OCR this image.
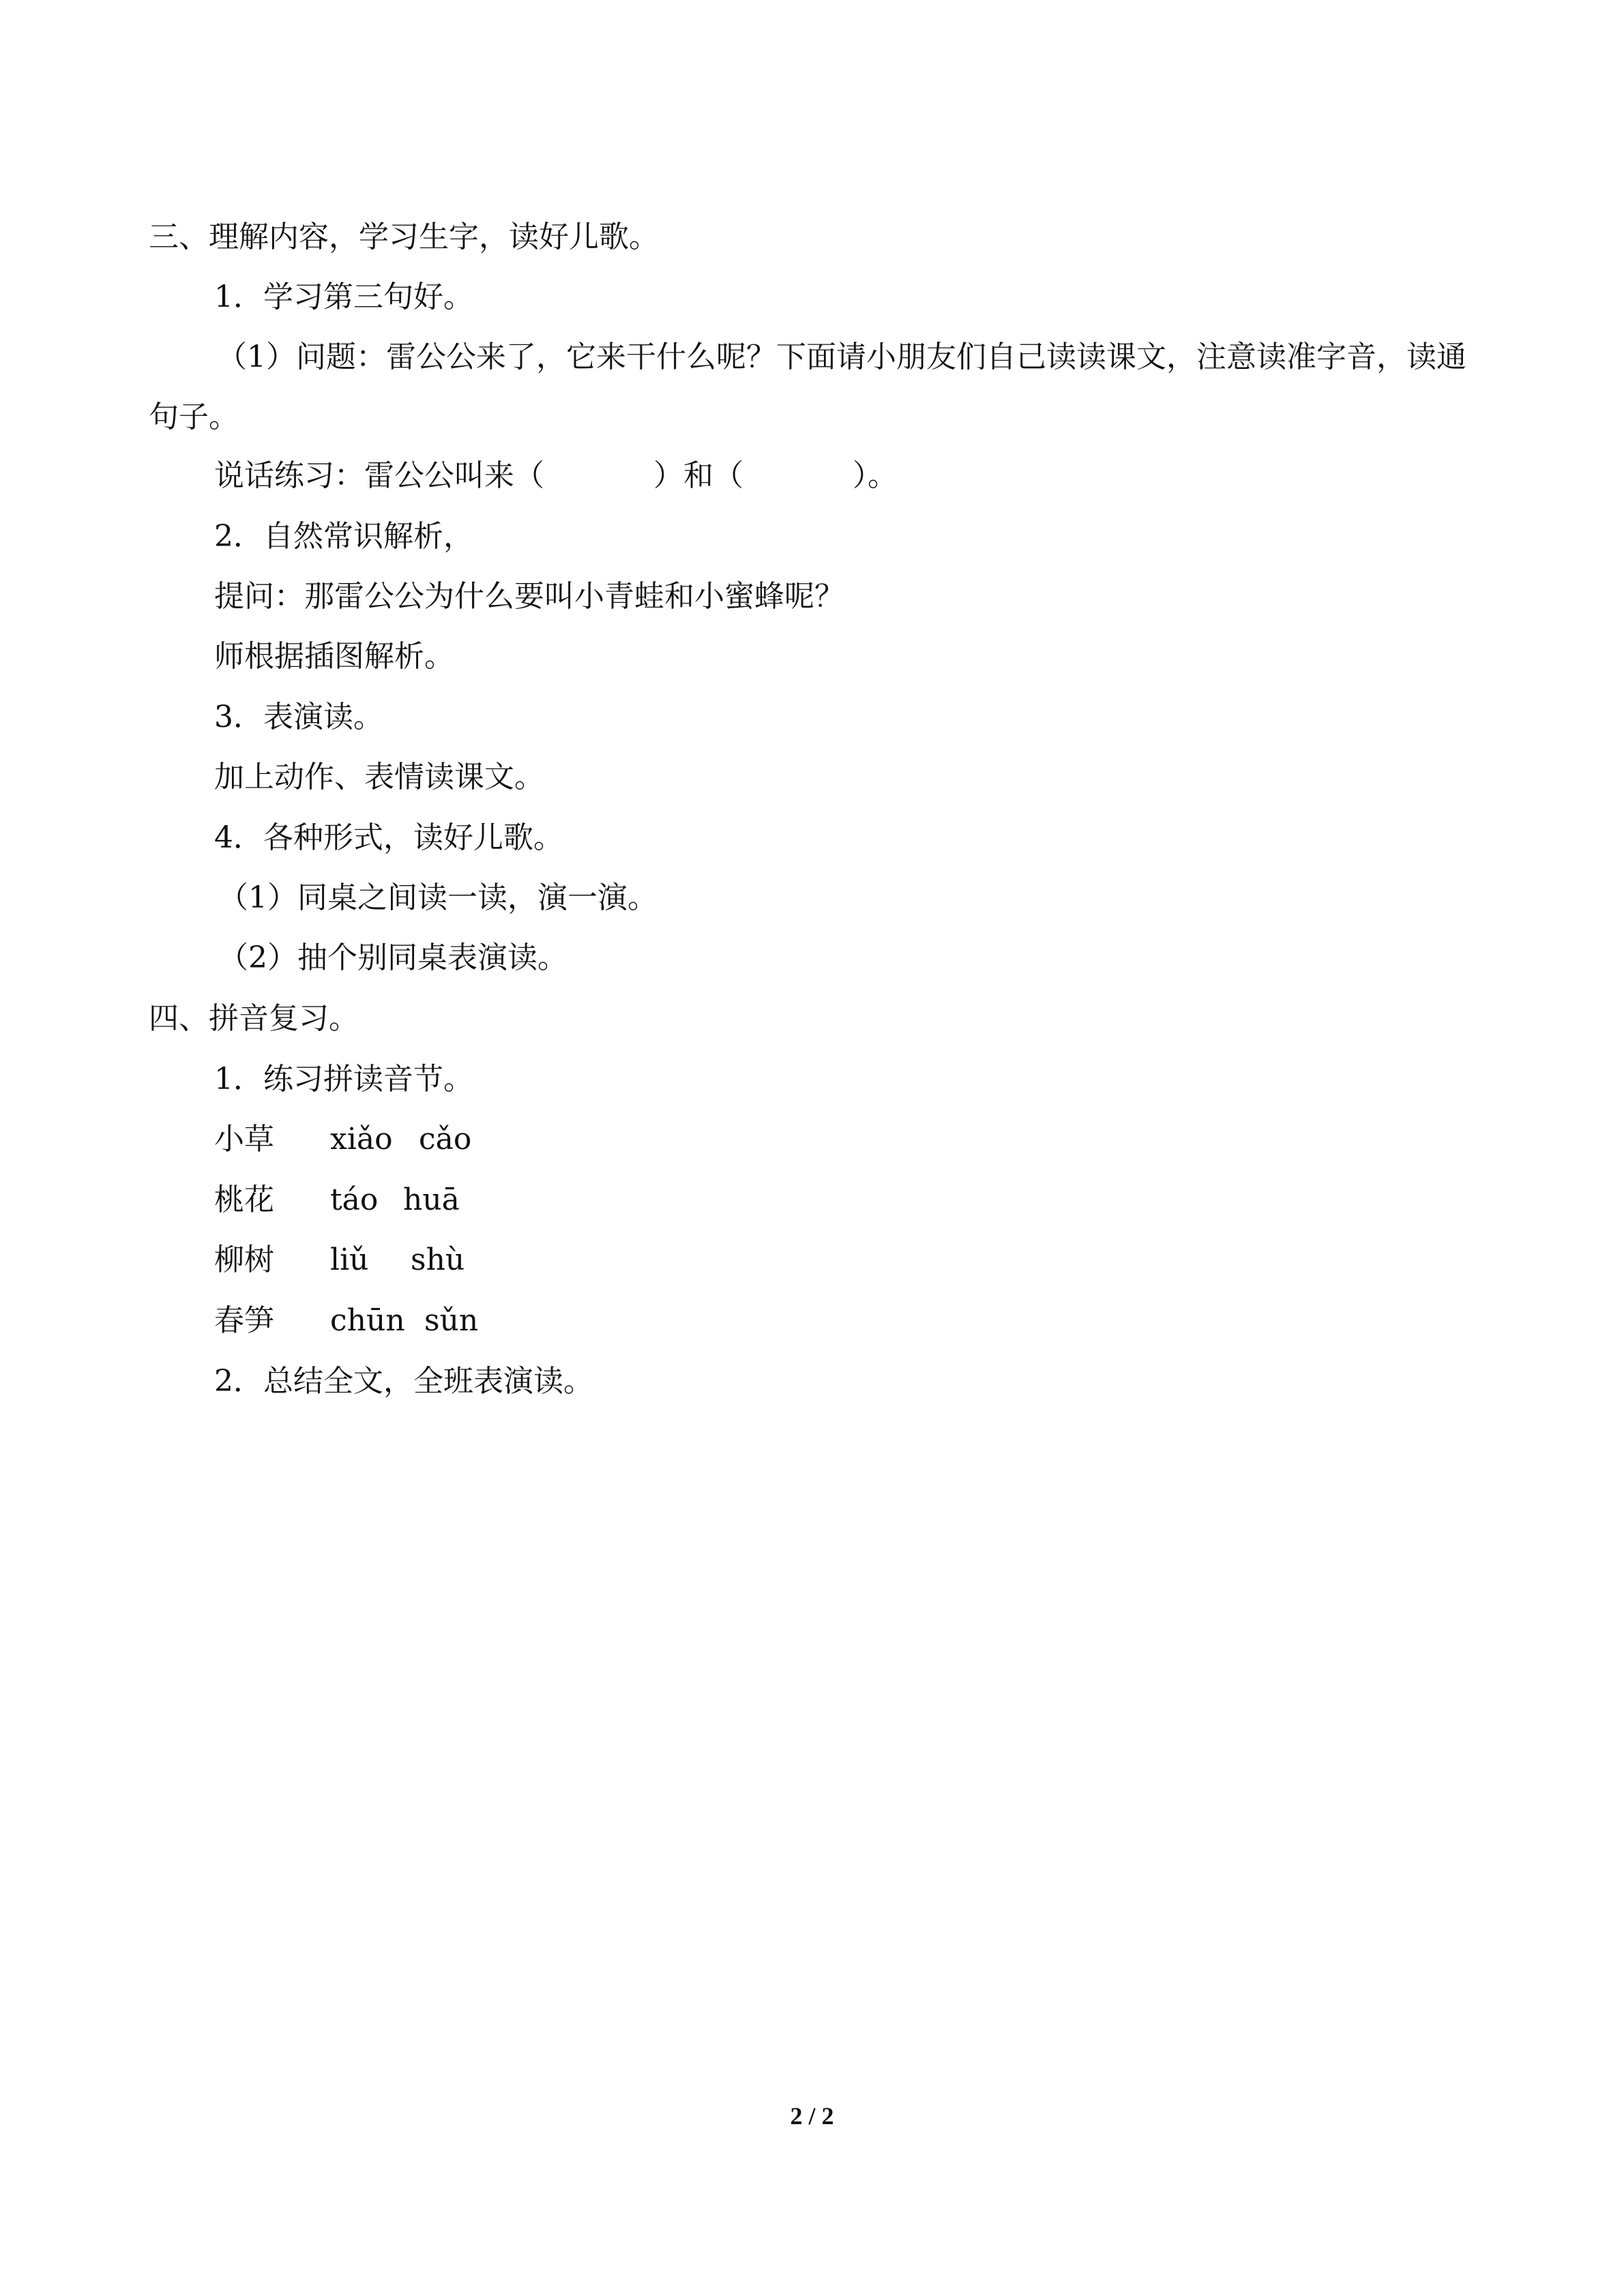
三、理解内容，学习生字，读好儿歌。
1．学习第三句好。
（1）问题：雷公公来了，它来干什么呢？下面请小朋友们自己读读课文，注意读准字音，读通句子。
说话练习：雷公公叫来（	）和（	）。
2．自然常识解析，
提问：那雷公公为什么要叫小青蛙和小蜜蜂呢？
师根据插图解析。
3．表演读。
加上动作、表情读课文。
4．各种形式，读好儿歌。
（1）同桌之间读一读，演一演。
（2）抽个别同桌表演读。
四、拼音复习。
1．练习拼读音节。
小草 xiǎo cǎo
桃花 táo huā
柳树 liǔ shù
春笋 chūn sǔn
2．总结全文，全班表演读。
2 / 2
